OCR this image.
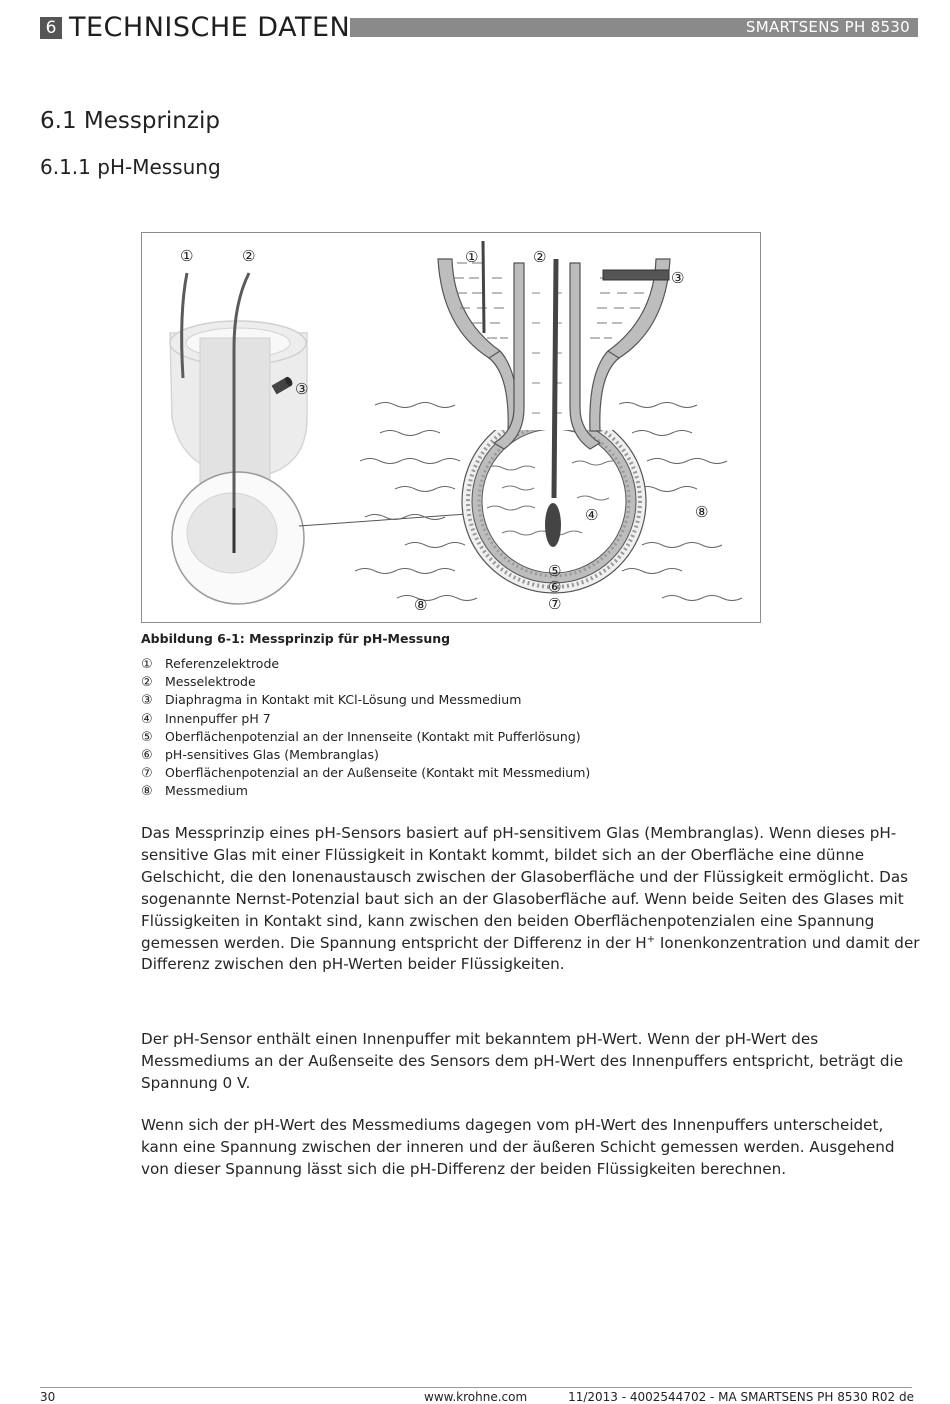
6 TECHNISCHE DATEN	SMARTSENS PH 8530
6.1 Messprinzip
6.1.1 pH-Messung
①	②
③
①	②
③
④
⑤
⑥
⑦
⑧
⑧
Abbildung 6-1: Messprinzip für pH-Messung
① Referenzelektrode
② Messelektrode
③ Diaphragma in Kontakt mit KCl-Lösung und Messmedium
④ Innenpuffer pH 7
⑤ Oberflächenpotenzial an der Innenseite (Kontakt mit Pufferlösung)
⑥ pH-sensitives Glas (Membranglas)
⑦ Oberflächenpotenzial an der Außenseite (Kontakt mit Messmedium)
⑧ Messmedium

Das Messprinzip eines pH-Sensors basiert auf pH-sensitivem Glas (Membranglas). Wenn dieses pH-sensitive Glas mit einer Flüssigkeit in Kontakt kommt, bildet sich an der Oberfläche eine dünne Gelschicht, die den Ionenaustausch zwischen der Glasoberfläche und der Flüssigkeit ermöglicht. Das sogenannte Nernst-Potenzial baut sich an der Glasoberfläche auf. Wenn beide Seiten des Glases mit Flüssigkeiten in Kontakt sind, kann zwischen den beiden Oberflächenpotenzialen eine Spannung gemessen werden. Die Spannung entspricht der Differenz in der H+ Ionenkonzentration und damit der Differenz zwischen den pH-Werten beider Flüssigkeiten.

Der pH-Sensor enthält einen Innenpuffer mit bekanntem pH-Wert. Wenn der pH-Wert des Messmediums an der Außenseite des Sensors dem pH-Wert des Innenpuffers entspricht, beträgt die Spannung 0 V.

Wenn sich der pH-Wert des Messmediums dagegen vom pH-Wert des Innenpuffers unterscheidet, kann eine Spannung zwischen der inneren und der äußeren Schicht gemessen werden. Ausgehend von dieser Spannung lässt sich die pH-Differenz der beiden Flüssigkeiten berechnen.

30	www.krohne.com	11/2013 - 4002544702 - MA SMARTSENS PH 8530 R02 de
